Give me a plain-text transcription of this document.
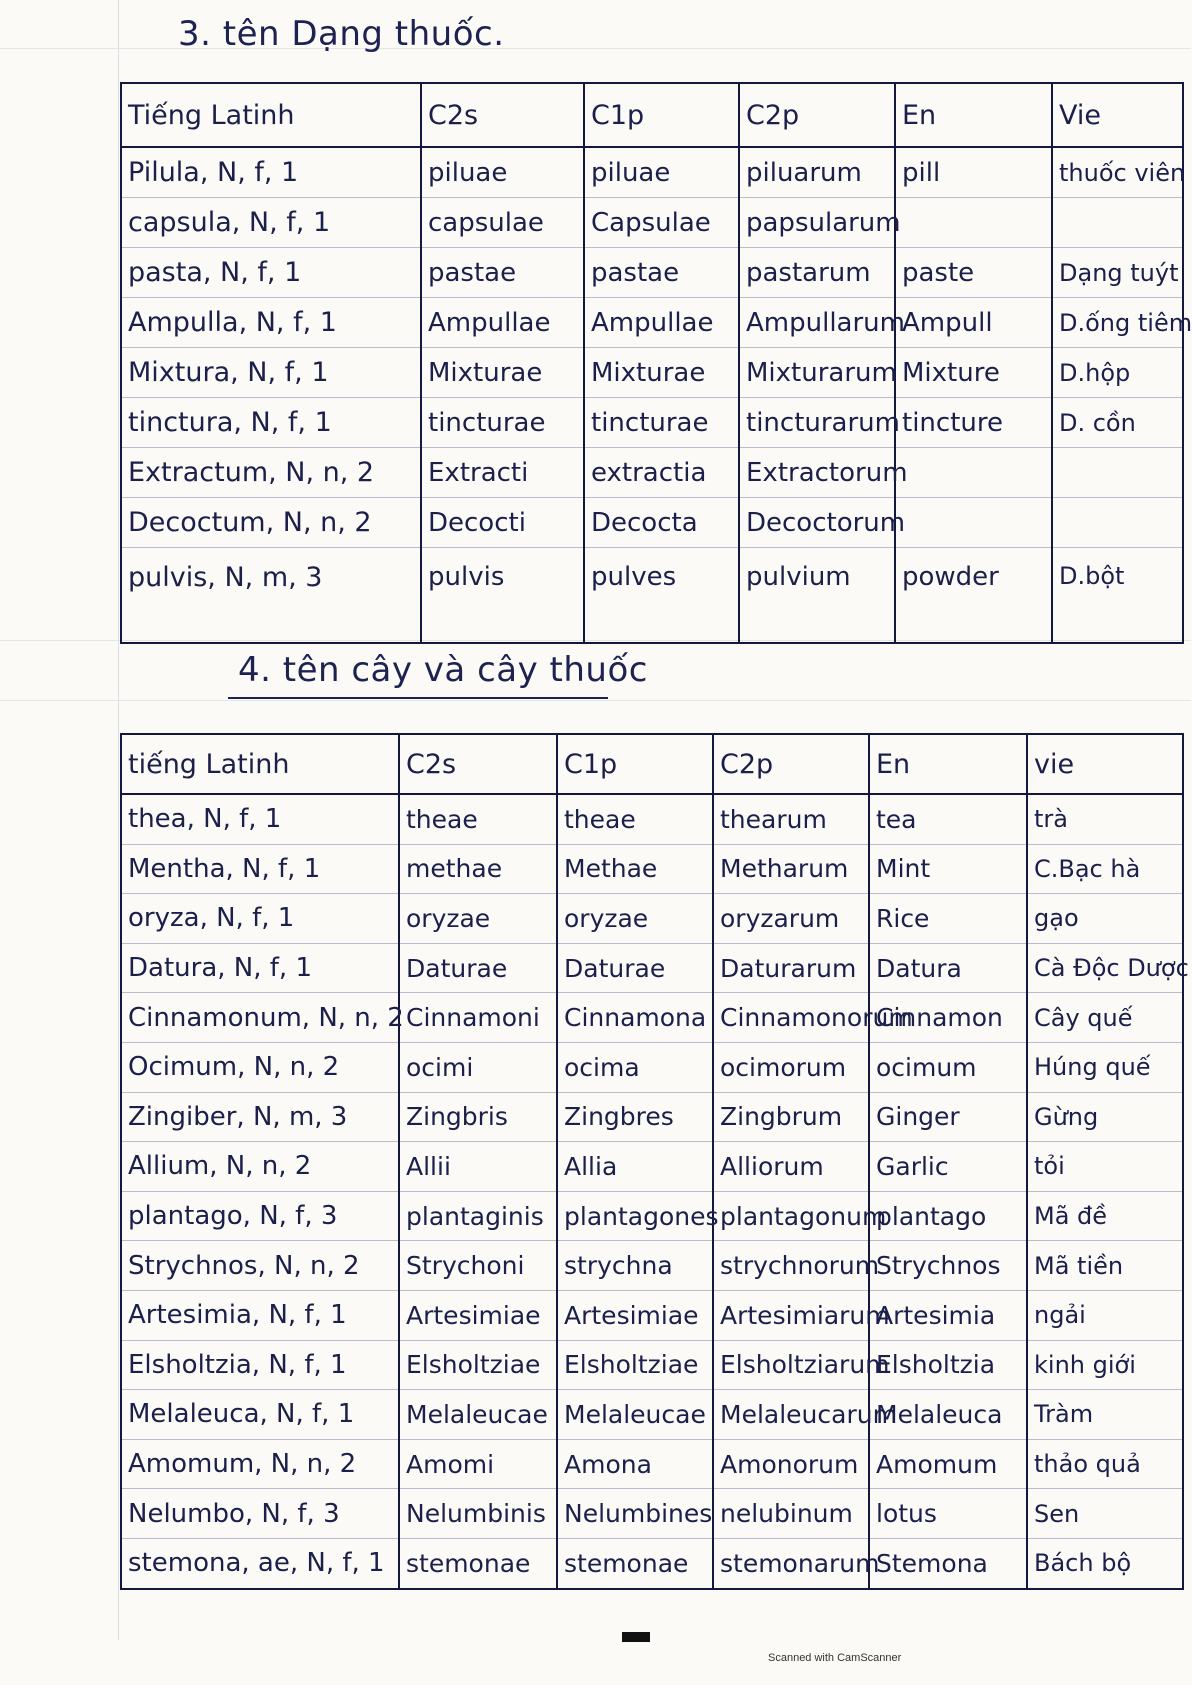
3. tên Dạng thuốc.
Tiếng Latinh	C2s	C1p	C2p	En	Vie
Pilula, N, f, 1	piluae	piluae	piluarum	pill	thuốc viên
capsula, N, f, 1	capsulae	Capsulae	papsularum		
pasta, N, f, 1	pastae	pastae	pastarum	paste	Dạng tuýt
Ampulla, N, f, 1	Ampullae	Ampullae	Ampullarum	Ampull	D.ống tiêm
Mixtura, N, f, 1	Mixturae	Mixturae	Mixturarum	Mixture	D.hộp
tinctura, N, f, 1	tincturae	tincturae	tincturarum	tincture	D. cồn
Extractum, N, n, 2	Extracti	extractia	Extractorum		
Decoctum, N, n, 2	Decocti	Decocta	Decoctorum		
pulvis, N, m, 3	pulvis	pulves	pulvium	powder	D.bột
4. tên cây và cây thuốc
tiếng Latinh	C2s	C1p	C2p	En	vie
thea, N, f, 1	theae	theae	thearum	tea	trà
Mentha, N, f, 1	methae	Methae	Metharum	Mint	C.Bạc hà
oryza, N, f, 1	oryzae	oryzae	oryzarum	Rice	gạo
Datura, N, f, 1	Daturae	Daturae	Daturarum	Datura	Cà Độc Dược
Cinnamonum, N, n, 2	Cinnamoni	Cinnamona	Cinnamonorum	Cinnamon	Cây quế
Ocimum, N, n, 2	ocimi	ocima	ocimorum	ocimum	Húng quế
Zingiber, N, m, 3	Zingbris	Zingbres	Zingbrum	Ginger	Gừng
Allium, N, n, 2	Allii	Allia	Alliorum	Garlic	tỏi
plantago, N, f, 3	plantaginis	plantagones	plantagonum	plantago	Mã đề
Strychnos, N, n, 2	Strychoni	strychna	strychnorum	Strychnos	Mã tiền
Artesimia, N, f, 1	Artesimiae	Artesimiae	Artesimiarum	Artesimia	ngải
Elsholtzia, N, f, 1	Elsholtziae	Elsholtziae	Elsholtziarum	Elsholtzia	kinh giới
Melaleuca, N, f, 1	Melaleucae	Melaleucae	Melaleucarum	Melaleuca	Tràm
Amomum, N, n, 2	Amomi	Amona	Amonorum	Amomum	thảo quả
Nelumbo, N, f, 3	Nelumbinis	Nelumbines	nelubinum	lotus	Sen
stemona, ae, N, f, 1	stemonae	stemonae	stemonarum	Stemona	Bách bộ
Scanned with CamScanner
